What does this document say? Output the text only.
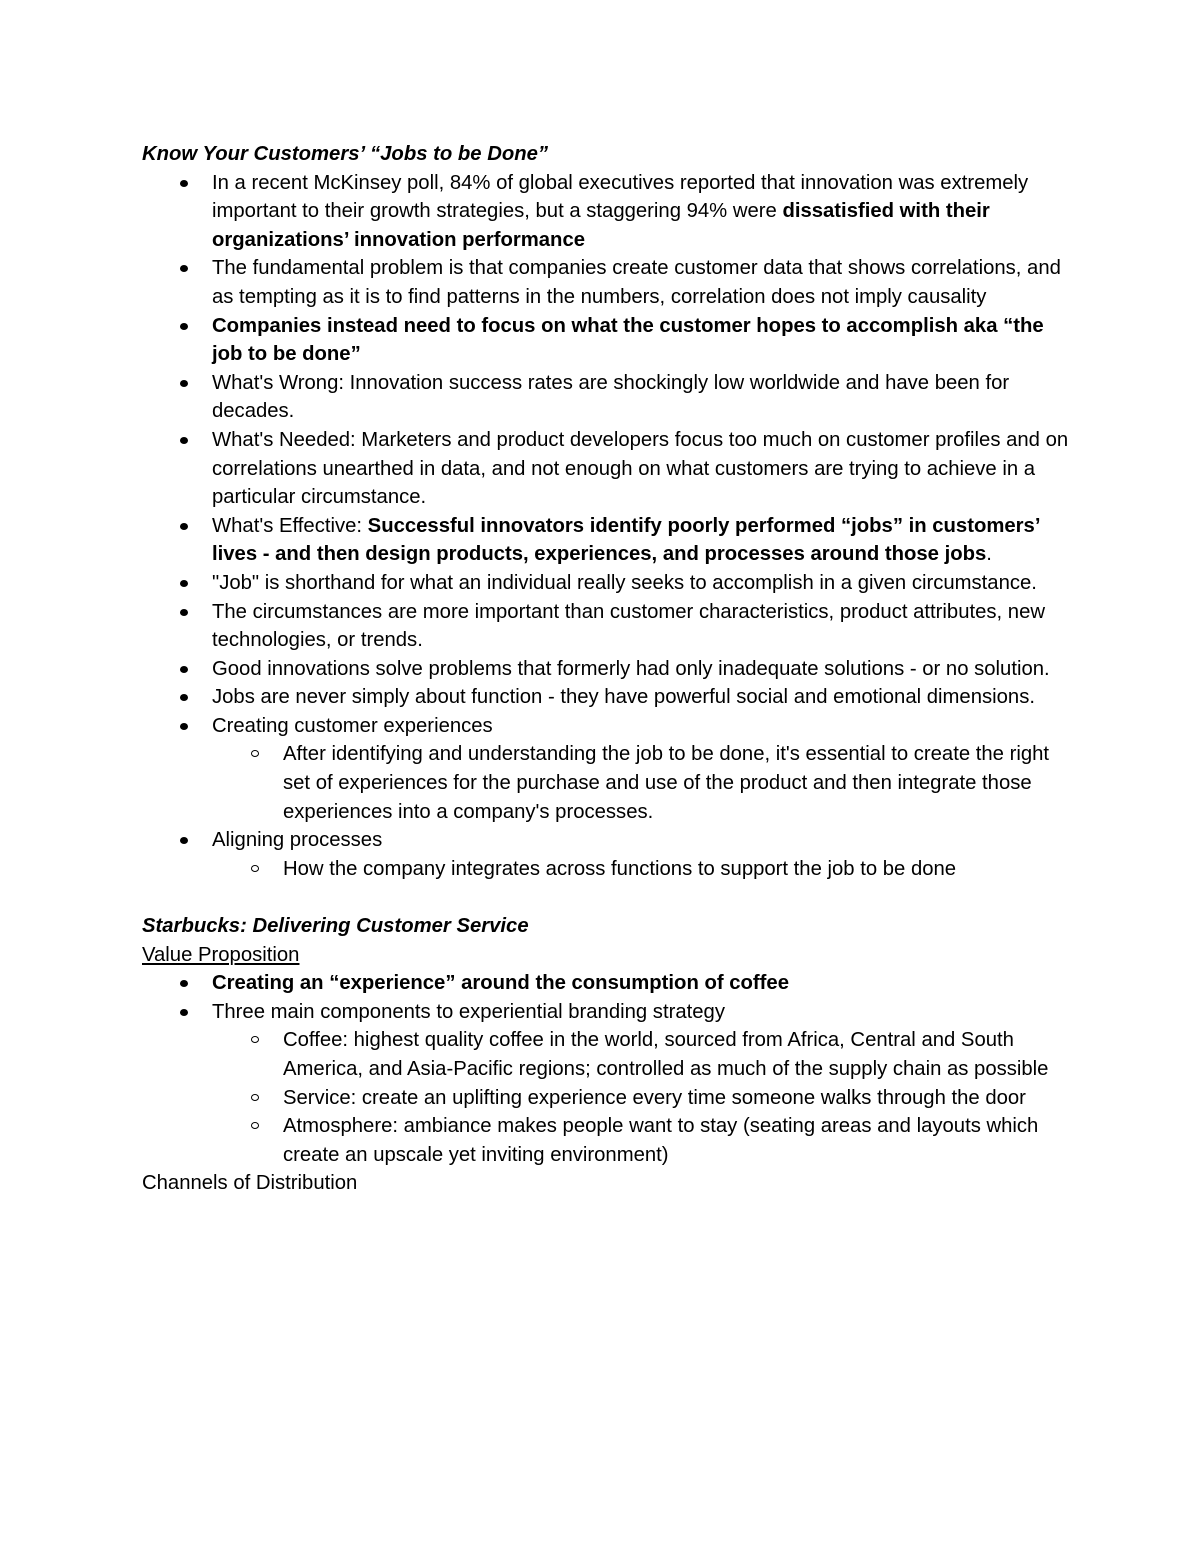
Know Your Customers’ “Jobs to be Done”

In a recent McKinsey poll, 84% of global executives reported that innovation was extremely important to their growth strategies, but a staggering 94% were dissatisfied with their organizations’ innovation performance
The fundamental problem is that companies create customer data that shows correlations, and as tempting as it is to find patterns in the numbers, correlation does not imply causality
Companies instead need to focus on what the customer hopes to accomplish aka “the job to be done”
What's Wrong: Innovation success rates are shockingly low worldwide and have been for decades.
What's Needed: Marketers and product developers focus too much on customer profiles and on correlations unearthed in data, and not enough on what customers are trying to achieve in a particular circumstance.
What's Effective: Successful innovators identify poorly performed “jobs” in customers’ lives - and then design products, experiences, and processes around those jobs.
"Job" is shorthand for what an individual really seeks to accomplish in a given circumstance.
The circumstances are more important than customer characteristics, product attributes, new technologies, or trends.
Good innovations solve problems that formerly had only inadequate solutions - or no solution.
Jobs are never simply about function - they have powerful social and emotional dimensions.
Creating customer experiences
After identifying and understanding the job to be done, it's essential to create the right set of experiences for the purchase and use of the product and then integrate those experiences into a company's processes.
Aligning processes
How the company integrates across functions to support the job to be done

Starbucks: Delivering Customer Service

Value Proposition

Creating an “experience” around the consumption of coffee
Three main components to experiential branding strategy
Coffee: highest quality coffee in the world, sourced from Africa, Central and South America, and Asia-Pacific regions; controlled as much of the supply chain as possible
Service: create an uplifting experience every time someone walks through the door
Atmosphere: ambiance makes people want to stay (seating areas and layouts which create an upscale yet inviting environment)

Channels of Distribution
